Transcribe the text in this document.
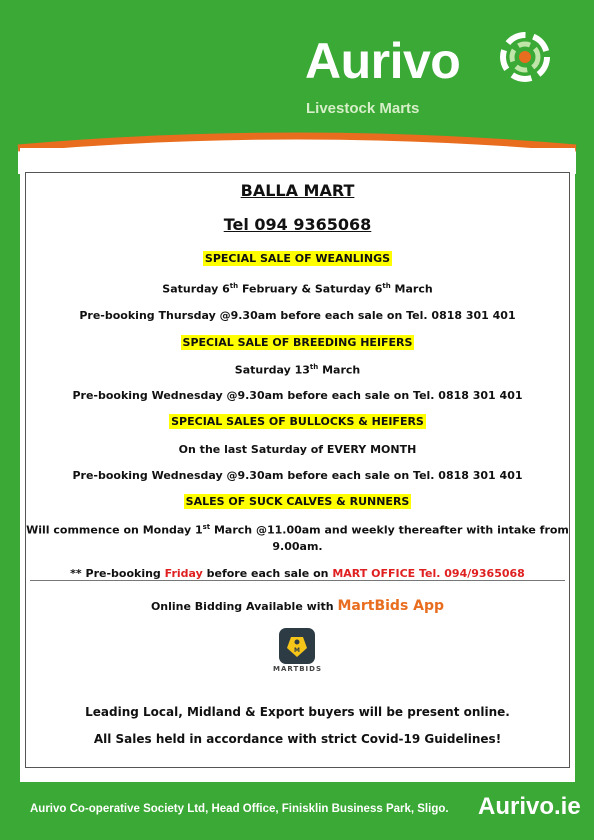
Aurivo
Livestock Marts
BALLA MART
Tel 094 9365068
SPECIAL SALE OF WEANLINGS
Saturday 6th February & Saturday 6th March
Pre-booking Thursday @9.30am before each sale on Tel. 0818 301 401
SPECIAL SALE OF BREEDING HEIFERS
Saturday 13th March
Pre-booking Wednesday @9.30am before each sale on Tel. 0818 301 401
SPECIAL SALES OF BULLOCKS & HEIFERS
On the last Saturday of EVERY MONTH
Pre-booking Wednesday @9.30am before each sale on Tel. 0818 301 401
SALES OF SUCK CALVES & RUNNERS
Will commence on Monday 1st March @11.00am and weekly thereafter with intake from
9.00am.
** Pre-booking Friday before each sale on MART OFFICE Tel. 094/9365068
Online Bidding Available with MartBids App
MARTBIDS
Leading Local, Midland & Export buyers will be present online.
All Sales held in accordance with strict Covid-19 Guidelines!
M
Aurivo Co-operative Society Ltd, Head Office, Finisklin Business Park, Sligo. Aurivo.ie
